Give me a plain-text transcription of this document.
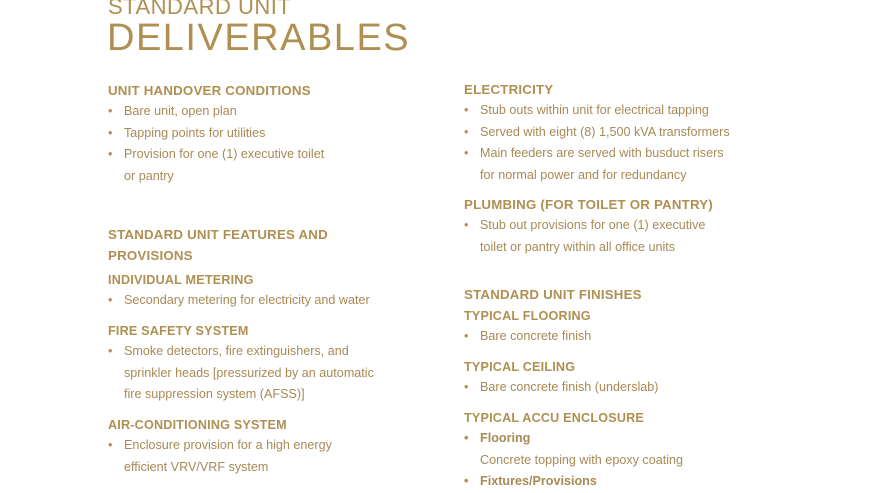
STANDARD UNIT
DELIVERABLES
UNIT HANDOVER CONDITIONS
• Bare unit, open plan
• Tapping points for utilities
• Provision for one (1) executive toilet
or pantry
STANDARD UNIT FEATURES AND
PROVISIONS
INDIVIDUAL METERING
• Secondary metering for electricity and water
FIRE SAFETY SYSTEM
• Smoke detectors, fire extinguishers, and
sprinkler heads [pressurized by an automatic
fire suppression system (AFSS)]
AIR-CONDITIONING SYSTEM
• Enclosure provision for a high energy
efficient VRV/VRF system
ELECTRICITY
• Stub outs within unit for electrical tapping
• Served with eight (8) 1,500 kVA transformers
• Main feeders are served with busduct risers
for normal power and for redundancy
PLUMBING (FOR TOILET OR PANTRY)
• Stub out provisions for one (1) executive
toilet or pantry within all office units
STANDARD UNIT FINISHES
TYPICAL FLOORING
• Bare concrete finish
TYPICAL CEILING
• Bare concrete finish (underslab)
TYPICAL ACCU ENCLOSURE
• Flooring
Concrete topping with epoxy coating
• Fixtures/Provisions
